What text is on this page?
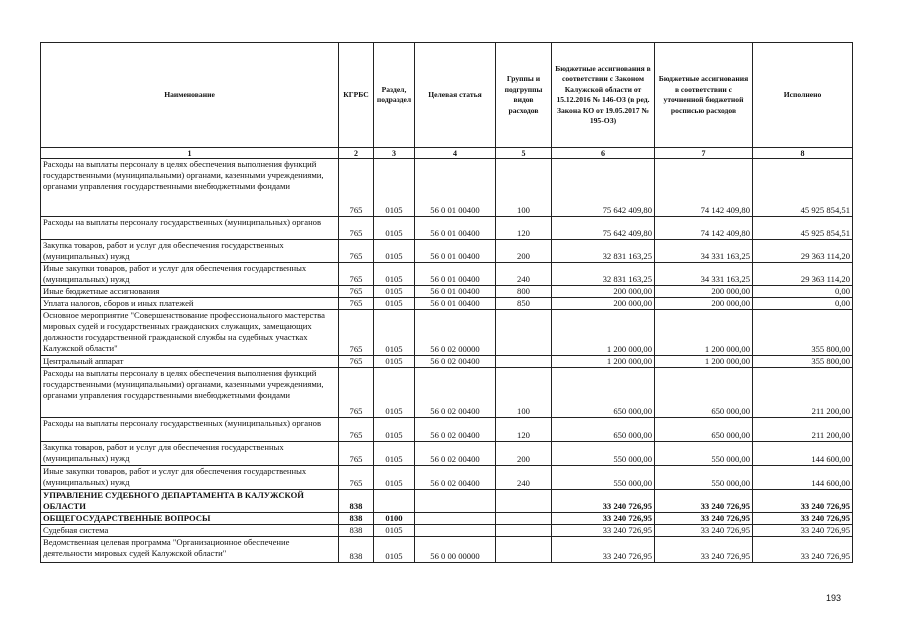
Наименование	КГРБС	Раздел, подраздел	Целевая статья	Группы и подгруппы видов расходов	Бюджетные ассигнования в соответствии с Законом Калужской области от 15.12.2016 № 146-ОЗ (в ред. Закона КО от 19.05.2017 № 195-ОЗ)	Бюджетные ассигнования в соответствии с уточненной бюджетной росписью расходов	Исполнено
1	2	3	4	5	6	7	8
Расходы на выплаты персоналу в целях обеспечения выполнения функций государственными (муниципальными) органами, казенными учреждениями, органами управления государственными внебюджетными фондами	765	0105	56 0 01 00400	100	75 642 409,80	74 142 409,80	45 925 854,51
Расходы на выплаты персоналу государственных (муниципальных) органов	765	0105	56 0 01 00400	120	75 642 409,80	74 142 409,80	45 925 854,51
Закупка товаров, работ и услуг для обеспечения государственных (муниципальных) нужд	765	0105	56 0 01 00400	200	32 831 163,25	34 331 163,25	29 363 114,20
Иные закупки товаров, работ и услуг для обеспечения государственных (муниципальных) нужд	765	0105	56 0 01 00400	240	32 831 163,25	34 331 163,25	29 363 114,20
Иные бюджетные ассигнования	765	0105	56 0 01 00400	800	200 000,00	200 000,00	0,00
Уплата налогов, сборов и иных платежей	765	0105	56 0 01 00400	850	200 000,00	200 000,00	0,00
Основное мероприятие "Совершенствование профессионального мастерства мировых судей и государственных гражданских служащих, замещающих должности государственной гражданской службы на судебных участках Калужской области"	765	0105	56 0 02 00000		1 200 000,00	1 200 000,00	355 800,00
Центральный аппарат	765	0105	56 0 02 00400		1 200 000,00	1 200 000,00	355 800,00
Расходы на выплаты персоналу в целях обеспечения выполнения функций государственными (муниципальными) органами, казенными учреждениями, органами управления государственными внебюджетными фондами	765	0105	56 0 02 00400	100	650 000,00	650 000,00	211 200,00
Расходы на выплаты персоналу государственных (муниципальных) органов	765	0105	56 0 02 00400	120	650 000,00	650 000,00	211 200,00
Закупка товаров, работ и услуг для обеспечения государственных (муниципальных) нужд	765	0105	56 0 02 00400	200	550 000,00	550 000,00	144 600,00
Иные закупки товаров, работ и услуг для обеспечения государственных (муниципальных) нужд	765	0105	56 0 02 00400	240	550 000,00	550 000,00	144 600,00
УПРАВЛЕНИЕ СУДЕБНОГО ДЕПАРТАМЕНТА В КАЛУЖСКОЙ ОБЛАСТИ	838				33 240 726,95	33 240 726,95	33 240 726,95
ОБЩЕГОСУДАРСТВЕННЫЕ ВОПРОСЫ	838	0100			33 240 726,95	33 240 726,95	33 240 726,95
Судебная система	838	0105			33 240 726,95	33 240 726,95	33 240 726,95
Ведомственная целевая программа "Организационное обеспечение деятельности мировых судей Калужской области"	838	0105	56 0 00 00000		33 240 726,95	33 240 726,95	33 240 726,95
193
